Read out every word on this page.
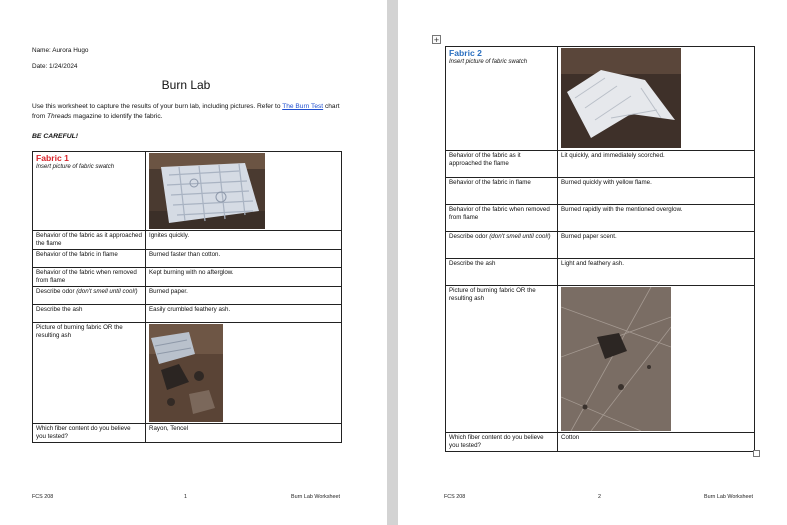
Name: Aurora Hugo
Date: 1/24/2024
Burn Lab
Use this worksheet to capture the results of your burn lab, including pictures. Refer to The Burn Test chart from Threads magazine to identify the fabric.
BE CAREFUL!
Fabric 1
Insert picture of fabric swatch

Behavior of the fabric as it approached the flame	Ignites quickly.
Behavior of the fabric in flame	Burned faster than cotton.
Behavior of the fabric when removed from flame	Kept burning with no afterglow.
Describe odor (don't smell until cool!)	Burned paper.
Describe the ash	Easily crumbled feathery ash.
Picture of burning fabric OR the resulting ash	

Which fiber content do you believe you tested?	Rayon, Tencel
FCS 208	1	Burn Lab Worksheet
Fabric 2
Insert picture of fabric swatch

Behavior of the fabric as it approached the flame	Lit quickly, and immediately scorched.
Behavior of the fabric in flame	Burned quickly with yellow flame.
Behavior of the fabric when removed from flame	Burned rapidly with the mentioned overglow.
Describe odor (don't smell until cool!)	Burned paper scent.
Describe the ash	Light and feathery ash.
Picture of burning fabric OR the resulting ash	

Which fiber content do you believe you tested?	Cotton
FCS 208	2	Burn Lab Worksheet
+
